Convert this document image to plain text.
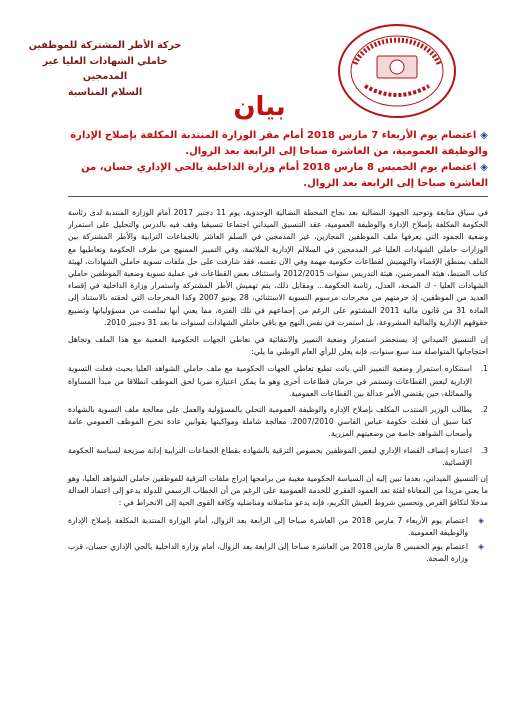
حركة الأطر المشتركة للموظفين
حاملي الشهادات العليا غير المدمجين
السلام المناسبة	بيان

◈اعتصام يوم الأربعاء 7 مارس 2018 أمام مقر الوزارة المنتدبة المكلفة بإصلاح الإدارة والوظيفة العمومية، من العاشرة صباحا إلى الرابعة بعد الزوال.

◈اعتصام يوم الخميس 8 مارس 2018 أمام وزارة الداخلية بالحي الإداري حسان، من العاشرة صباحا إلى الرابعة بعد الزوال.

في سياق متابعة وتوحيد الجهود النضالية بعد نجاح المحطة النضالية الوحدوية، يوم 11 دجنبر 2017 أمام الوزارة المنتدبة لدى رئاسة الحكومة المكلفة بإصلاح الإدارة والوظيفة العمومية، عقد التنسيق الميداني اجتماعا تنسيقيا وقف فيه بالدرس والتحليل على استمرار وضعية الجمود التي يعرفها ملف الموظفين المجازين، غير المدمجين في السلم العاشر بالجماعات الترابية والأطر المشتركة بين الوزارات حاملي الشهادات العليا غير المدمجين في السلالم الإدارية الملائمة، وفي التمييز الممنهج من طرف الحكومة وتعاطيها مع الملف بمنطق الإقصاء والتهميش لقطاعات حكومية مهمة وفي الآن نفسه، فقد شارفت على حل ملفات تسوية حاملي الشهادات، لهيئة كتاب الضبط، هيئة الممرضين، هيئة التدريس سنوات 2012/2015 واستئناف بعض القطاعات في عملية تسوية وضعية الموظفين حاملي الشهادات العليا - ك الصحة، العدل، رئاسة الحكومة... ومقابل ذلك، يتم تهميش الأطر المشتركة واستمرار وزارة الداخلية في إقصاء العديد من الموظفين، إذ حرمتهم من مخرجات مرسوم التسوية الاستثنائي، 28 يونيو 2007 وكذا المخرجات التي لحقته بالاستناد إلى المادة 31 من قانون مالية 2011 المشئوم على الرغم من إجماعهم في تلك الفترة، مما يعني أنها تملصت من مسؤولياتها وتضييع حقوقهم الإدارية والمالية المشروعة، بل استمرت في نفس النهج مع باقي حاملي الشهادات لسنوات ما بعد 31 دجنبر 2010.

إن التنسيق الميداني إذ يستحضر استمرار وضعية التمييز والانتقائية في تعاطي الجهات الحكومية المعنية مع هذا الملف وتجاهل احتجاجاتها المتواصلة منذ سبع سنوات، فإنه يعلن للرأي العام الوطني ما يلي:

1.
استنكاره استمرار وضعية التمييز التي باتت تطبع تعاطي الجهات الحكومية مع ملف حاملي الشواهد العليا بحيث فعلت التسوية الإدارية لبعض القطاعات وتستمر في حرمان قطاعات أخرى وهو ما يمكن اعتباره ضربا لحق الموظف انطلاقا من مبدأ المساواة والمماثلة، حين يقتضي الأمر عدالة بين القطاعات العمومية.
2.
يطالب الوزير المنتدب المكلف بإصلاح الإدارة والوظيفة العمومية التحلي بالمسؤولية والعمل على معالجة ملف التسوية بالشهادة كما سبق أن فعلت حكومة عباس الفاسي 2007/2010، معالجة شاملة ومواكبتها بقوانين عادة تخرج الموظف العمومي عامة وأصحاب الشواهد خاصة من وضعيتهم المزرية.
3.
اعتباره إنصاف القضاء الإداري لبعض الموظفين بخصوص الترقية بالشهادة بقطاع الجماعات الترابية إدانة صريحة لسياسة الحكومة الإقصائية.

إن التنسيق الميداني، بعدما تبين إليه أن السياسة الحكومية مغيبة من برامجها إدراج ملفات الترقية للموظفين حاملي الشواهد العليا، وهو ما يعني مزيدا من المعاناة لفئة تعد العمود الفقري للخدمة العمومية على الرغم من أن الخطاب الرسمي للدولة يدعو إلى اعتماد العدالة مدخلا لتكافؤ الفرص وتحسين شروط العيش الكريم، فإنه يدعو مناضلاته ومناضليه وكافة القوى الحية إلى الانخراط في :

◈
اعتصام يوم الأربعاء 7 مارس 2018 من العاشرة صباحا إلى الرابعة بعد الزوال، أمام الوزارة المنتدبة المكلفة بإصلاح الإدارة والوظيفة العمومية.
◈
اعتصام يوم الخميس 8 مارس 2018 من العاشرة صباحا إلى الرابعة بعد الزوال، أمام وزارة الداخلية بالحي الإداري حسان، قرب وزارة الصحة.
